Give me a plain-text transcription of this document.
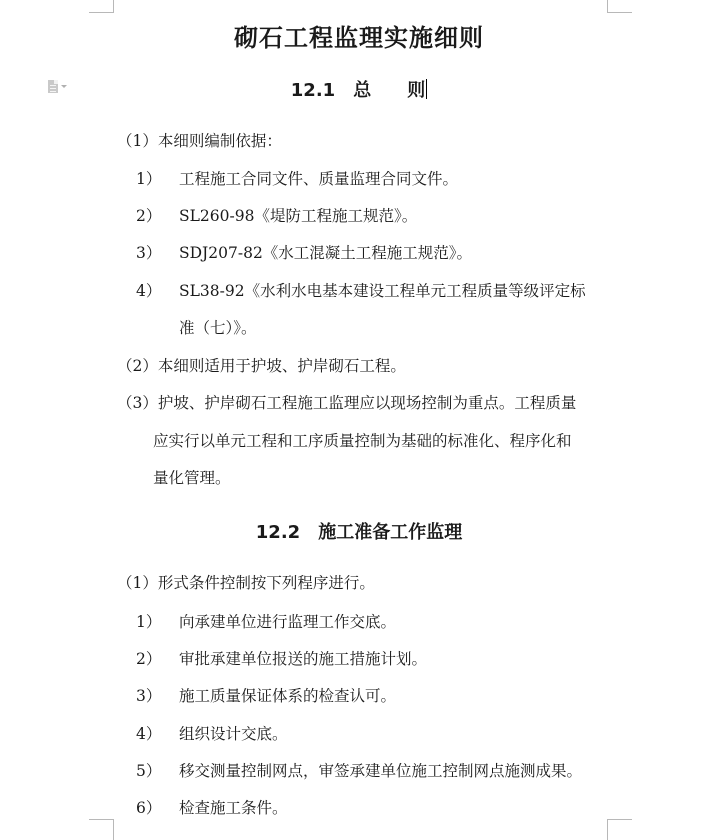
砌石工程监理实施细则
12.1 总 则
（1）本细则编制依据：
1） 工程施工合同文件、质量监理合同文件。
2） SL260-98《堤防工程施工规范》。
3） SDJ207-82《水工混凝土工程施工规范》。
4） SL38-92《水利水电基本建设工程单元工程质量等级评定标
准（七）》。
（2）本细则适用于护坡、护岸砌石工程。
（3）护坡、护岸砌石工程施工监理应以现场控制为重点。工程质量
应实行以单元工程和工序质量控制为基础的标准化、程序化和
量化管理。
12.2 施工准备工作监理
（1）形式条件控制按下列程序进行。
1） 向承建单位进行监理工作交底。
2） 审批承建单位报送的施工措施计划。
3） 施工质量保证体系的检查认可。
4） 组织设计交底。
5） 移交测量控制网点，审签承建单位施工控制网点施测成果。
6） 检查施工条件。
